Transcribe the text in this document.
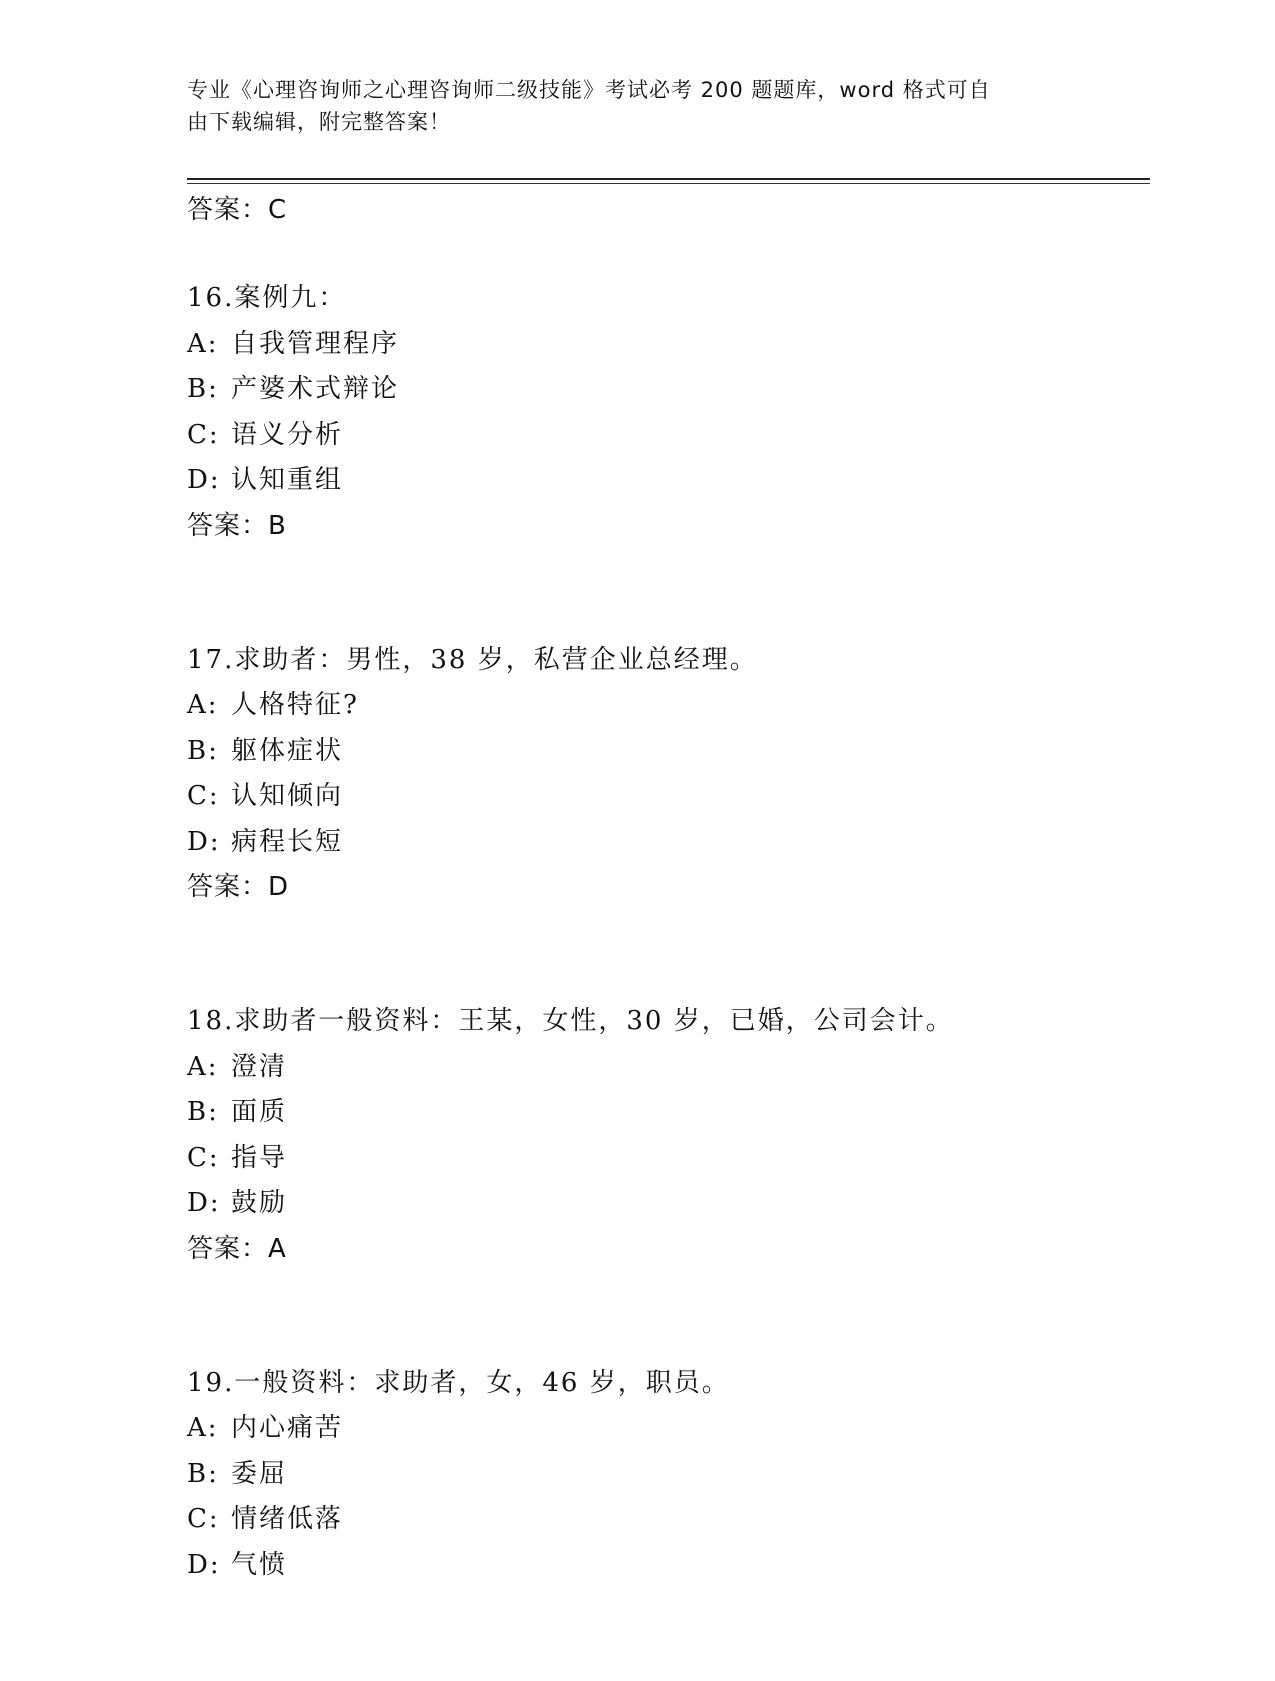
专业《心理咨询师之心理咨询师二级技能》考试必考 200 题题库，word 格式可自
由下载编辑，附完整答案！
答案：C
16.案例九：
A: 自我管理程序
B: 产婆术式辩论
C: 语义分析
D: 认知重组
答案：B
17.求助者：男性，38 岁，私营企业总经理。
A: 人格特征?
B: 躯体症状
C: 认知倾向
D: 病程长短
答案：D
18.求助者一般资料：王某，女性，30 岁，已婚，公司会计。
A: 澄清
B: 面质
C: 指导
D: 鼓励
答案：A
19.一般资料：求助者，女，46 岁，职员。
A: 内心痛苦
B: 委屈
C: 情绪低落
D: 气愤
